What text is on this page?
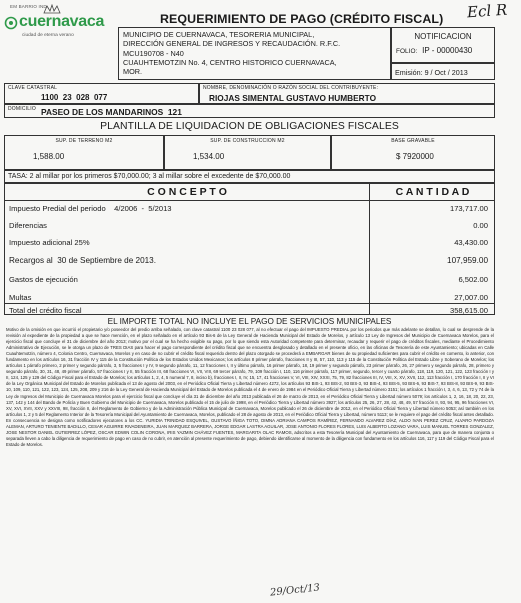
Ecl R
EM BARRIO IND
cuernavaca
ciudad de eterna verano
REQUERIMIENTO DE PAGO (CRÉDITO FISCAL)
MUNICIPIO DE CUERNAVACA, TESORERIA MUNICIPAL,
DIRECCIÓN GENERAL DE INGRESOS Y RECAUDACIÓN. R.F.C.
MCU190708 - N40
CUAUHTEMOTZIN No. 4, CENTRO HISTORICO CUERNAVACA,
MOR.
NOTIFICACION
FOLIO: IP - 00000430
Emisión: 9 / Oct / 2013
CLAVE CATASTRAL
1100  23  028  077
NOMBRE, DENOMINACIÓN O RAZÓN SOCIAL DEL CONTRIBUYENTE:
RIOJAS SIMENTAL GUSTAVO HUMBERTO
DOMICILIO PASEO DE LOS MANDARINOS  121
PLANTILLA DE LIQUIDACION DE OBLIGACIONES FISCALES
SUP. DE TERRENO M2
1,588.00
SUP. DE CONSTRUCCION M2
1,534.00
BASE GRAVABLE
$ 7920000
TASA: 2 al millar por los primeros $70,000.00; 3 al millar sobre el excedente de $70,000.00
C O N C E P T O	C A N T I D A D
Impuesto Predial del periodo    4/2006  -  5/2013	173,717.00
Diferencias	0.00
Impuesto adicional 25%	43,430.00
Recargos al  30 de Septiembre de 2013.	107,959.00
Gastos de ejecución	6,502.00
Multas	27,007.00
Total del crédito fiscal	358,615.00
EL IMPORTE TOTAL NO INCLUYE EL PAGO DE SERVICIOS MUNICIPALES

Motivo de la omisión en que incurrió el propietario y/o poseedor del predio arriba señalado, con clave catastral 1100 23 028 077, al no efectuar el pago del IMPUESTO PREDIAL por los periodos que más adelante se detallan, lo cual se desprende de la revisión al expediente de la propiedad a que se hace mención, en el plazo señalado en el artículo 93 Bis-6 de la Ley General de Hacienda Municipal del Estado de Morelos, y artículo 13 Ley de Ingresos del Municipio de Cuernavaca Morelos, para el ejercicio fiscal que concluye el 31 de diciembre del año 2013; motivo por el cual se ha hecho exigible su pago, por lo que siendo esta Autoridad competente para determinar, recaudar y requerir el pago de créditos fiscales, mediante el Procedimiento Administrativo de Ejecución, se le otorga un plazo de TRES DIAS para hacer el pago correspondiente del crédito fiscal que se encuentra desglosado y detallado en el presente oficio, en las oficinas de Tesorería de este Ayuntamiento; ubicadas en Calle Cuauhtemotzin, número 4, Colonia Centro, Cuernavaca, Morelos y en caso de no cubrir el crédito fiscal requerido dentro del plazo otorgado se procederá a EMBARGAR bienes de su propiedad suficientes para cubrir el crédito en comento, lo anterior, con fundamento en los artículos 16, 31 fracción IV y 115 de la Constitución Política de los Estados Unidos Mexicanos; los artículos 8 primer párrafo, fracciones II y III, 57, 110, 113 y 115 de la Constitución Política del Estado Libre y Soberano de Morelos; los artículos 1 párrafo primero, 2 primer y segundo párrafo, 3, 5 fracciones I y IV, 9 segundo párrafo, 11, 12 fracciones I, II y último párrafo, 16 primer párrafo, 18, 19 primer y segundo párrafo, 23 primer párrafo, 26, 27 primero y segundo párrafo, 28, primero y segundo párrafo, 30, 31, 48, 49 primer párrafo, 57 fracciones I y II, 55 fracción III, 68 fracciones VI, VII, VIII, 69 tercer párrafo, 79, 109 fracción I, 110, 116 primer párrafo, 117 primer, segundo, tercer y cuarto párrafo, 118, 119, 120, 121, 122, 123 fracción I y II, 124, 125 y 129 del Código Fiscal para el Estado de Morelos; los artículos 1, 2, 4, 5 numeral 7, 8, inciso b), fracciones I, II, IV, 15, 17, 41 fracciones V, VI, VIII, XIV, XXXI, 75, 79, 82 fracciones III, IV, VIII, X, XV, XVII, 112, 113 fracción I, 170 fracción I, II y VI de la Ley Orgánica Municipal del Estado de Morelos publicada el 13 de agosto del 2003, en el Periódico Oficial Tierra y Libertad número 4272, los artículos 93 BIS-1, 93 BIS-2, 93 BIS-3, 93 BIS-4, 93 BIS-5, 93 BIS-6, 93 BIS-7, 93 BIS-8, 93 BIS-9, 93 BIS-10, 109, 110, 121, 122, 123, 124, 125, 208, 209 y 216 de la Ley General de Hacienda Municipal del Estado de Morelos publicada el 4 de enero de 1984 en el Periódico Oficial Tierra y Libertad número 3151; los artículos 1 fracción I, 3, 4, 6, 13, 72 y 74 de la Ley de Ingresos del Municipio de Cuernavaca Morelos para el ejercicio fiscal que concluye el día 31 de diciembre del año 2013 publicada el 26 de marzo de 2013, en el Periódico Oficial Tierra y Libertad número 5079; los artículos 1, 2, 16, 18, 20, 22, 23, 137, 142 y 144 del Bando de Policía y Buen Gobierno del Municipio de Cuernavaca, Morelos publicado el 15 de julio de 1998, en el Periódico Tierra y Libertad número 3927; los artículos 25, 26, 27, 28, 42, 48, 49, 57 fracción II, 93, 94, 95, 96 fracciones VI, XV, XVI, XVII, XXV y XXVIII, 98, fracción II, del Reglamento de Gobierno y de la Administración Pública Municipal de Cuernavaca, Morelos publicado el 26 de diciembre de 2012, en el Periódico Oficial Tierra y Libertad número 5053; así también en los artículos 1, 2 y 5 del Reglamento Interior de la Tesorería Municipal del Ayuntamiento de Cuernavaca, Morelos, publicado el 28 de agosto de 2013, en el Periódico Oficial Tierra y Libertad, número 5113; se le requiere el pago del crédito fiscal antes detallado. En consecuencia se designa como notificadores ejecutores a los CC. YURIDIA TRINIDAD ESQUIVEL, GUSTAVO ÍÑIGA TOTO, DIMNA ADRIANA CAMPOS RAMÍREZ, FERNANDO ALVAREZ DÍAZ, ALDO IVAN PEREZ CRUZ, ALVARO PARDOZA ALEMAN, ARTURO TENIENTE BADILLO, CESAR AGUIRRE RIVADENEIRA, JUAN MARQUEZ BARRERA, JORGE EDGAR LASTRA AGUILAR, JOSE ANTONIO FLORES FLORES, LUIS ALBERTO LOZANO VARA, LUIS MANUEL TORRES GONZALEZ, JOSE NESTOR DANIEL GUTIERREZ LÓPEZ, OSCAR EDWIN COLIN CORONA, IRIS YAZMIN CHÁVEZ FUENTES, MARGARITA OLAC RAMOS, adscritos a esta Tesorería Municipal del Ayuntamiento de Cuernavaca, para que de manera conjunta o separada lleven a cabo la diligencia de requerimiento de pago en caso de no cubrir, en atención al presente requerimiento de pago, debiendo identificarse al momento de la diligencia con fundamento en los artículos 116, 117 y 119 del Código Fiscal para el Estado de Morelos.

29/Oct/13
